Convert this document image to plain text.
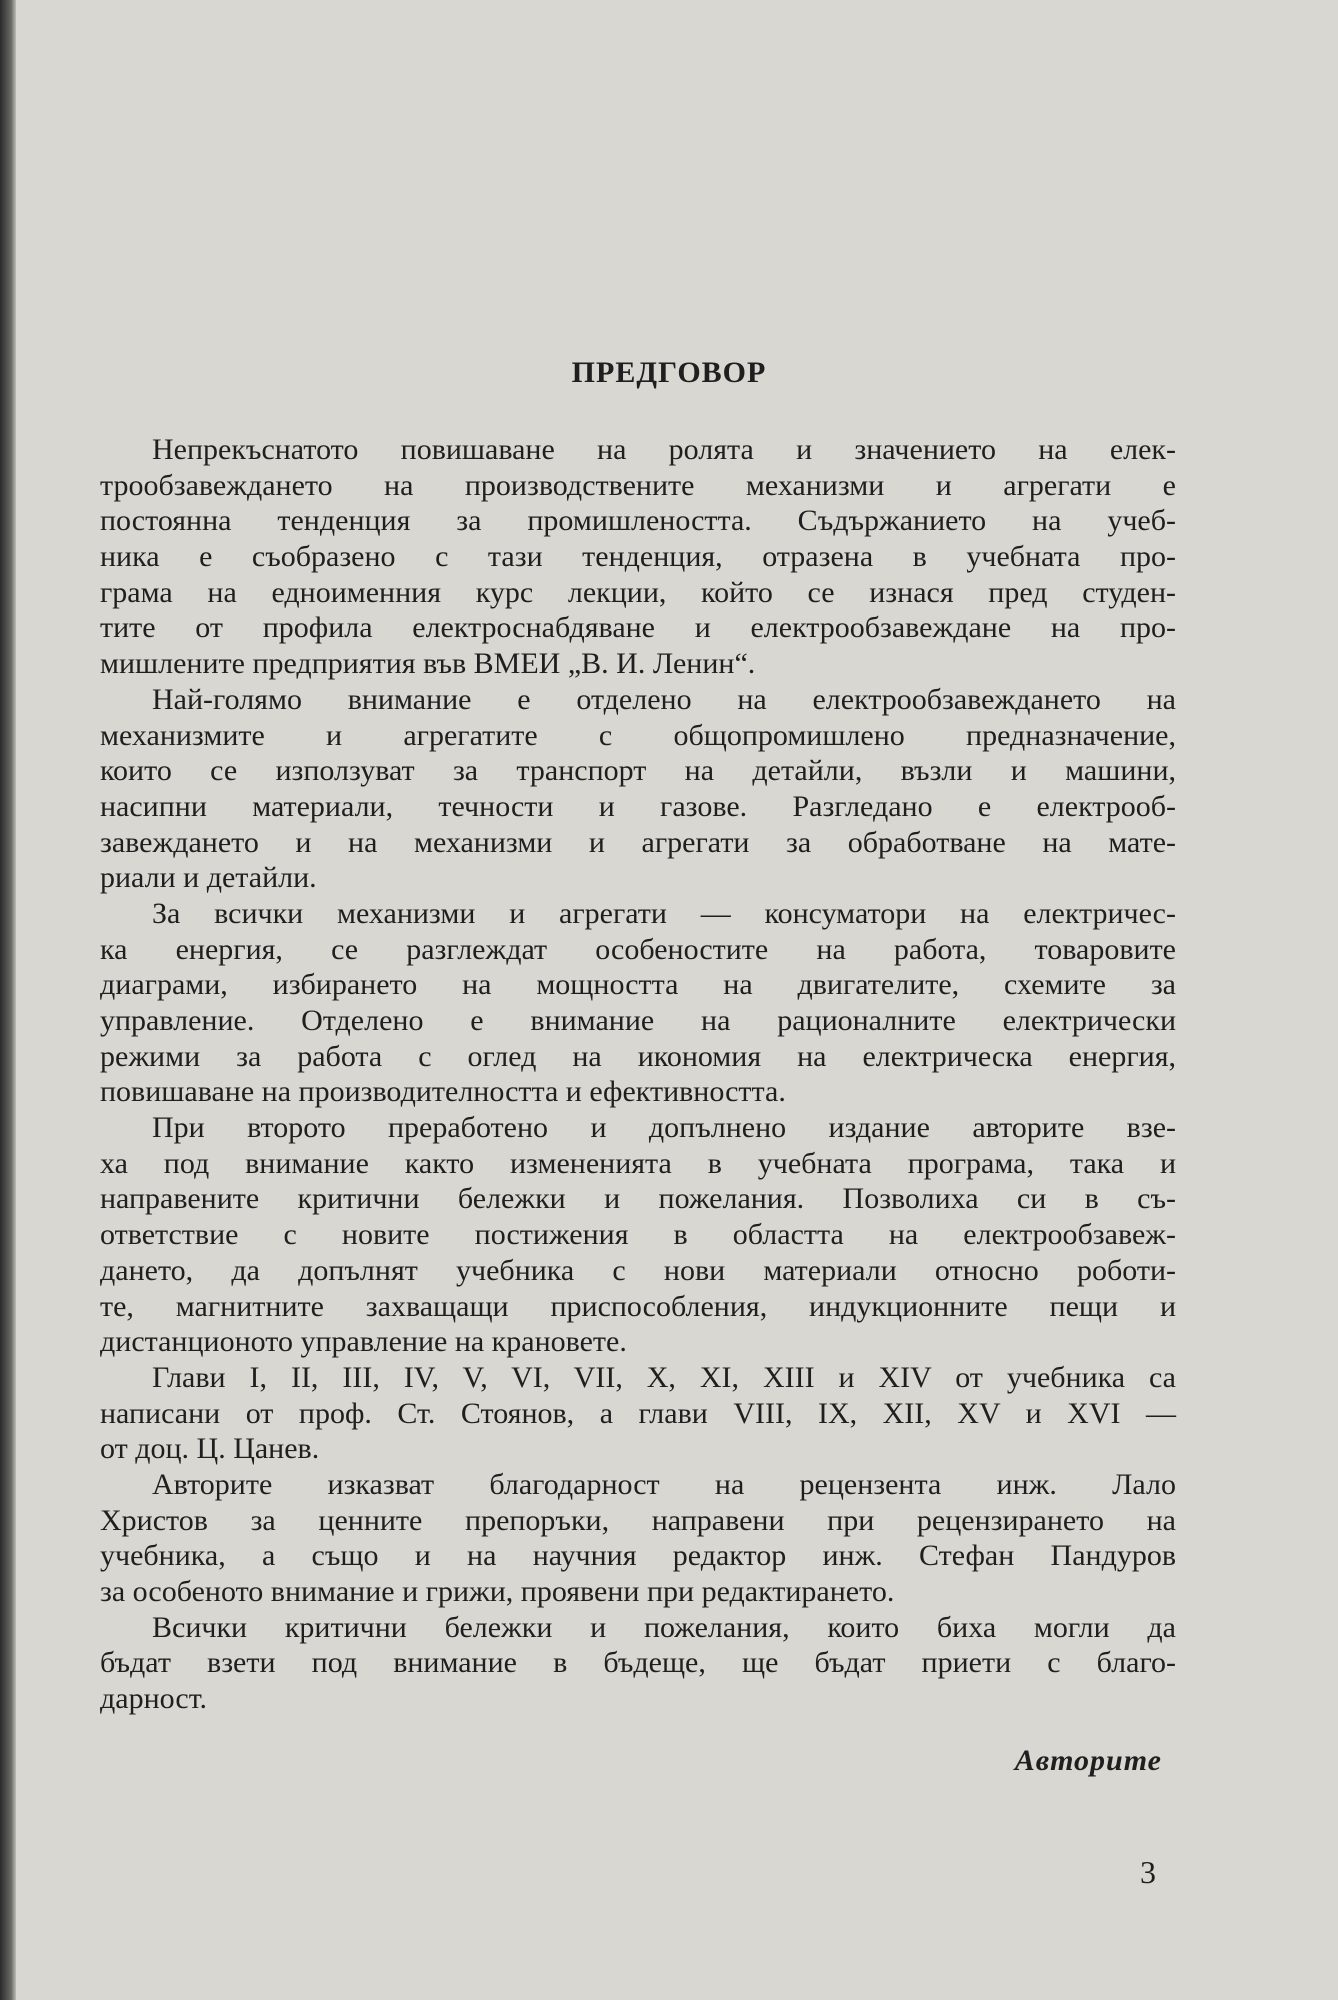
ПРЕДГОВОР
Непрекъснатото повишаване на ролята и значението на елек-
трообзавеждането на производствените механизми и агрегати е
постоянна тенденция за промишлеността. Съдържанието на учеб-
ника е съобразено с тази тенденция, отразена в учебната про-
грама на едноименния курс лекции, който се изнася пред студен-
тите от профила електроснабдяване и електрообзавеждане на про-
мишлените предприятия във ВМЕИ „В. И. Ленин“.
Най-голямо внимание е отделено на електрообзавеждането на
механизмите и агрегатите с общопромишлено предназначение,
които се използуват за транспорт на детайли, възли и машини,
насипни материали, течности и газове. Разгледано е електрооб-
завеждането и на механизми и агрегати за обработване на мате-
риали и детайли.
За всички механизми и агрегати — консуматори на електричес-
ка енергия, се разглеждат особеностите на работа, товаровите
диаграми, избирането на мощността на двигателите, схемите за
управление. Отделено е внимание на рационалните електрически
режими за работа с оглед на икономия на електрическа енергия,
повишаване на производителността и ефективността.
При второто преработено и допълнено издание авторите взе-
ха под внимание както измененията в учебната програма, така и
направените критични бележки и пожелания. Позволиха си в съ-
ответствие с новите постижения в областта на електрообзавеж-
дането, да допълнят учебника с нови материали относно роботи-
те, магнитните захващащи приспособления, индукционните пещи и
дистанционото управление на крановете.
Глави I, II, III, IV, V, VI, VII, X, XI, XIII и XIV от учебника са
написани от проф. Ст. Стоянов, а глави VIII, IX, XII, XV и XVI —
от доц. Ц. Цанев.
Авторите изказват благодарност на рецензента инж. Лало
Христов за ценните препоръки, направени при рецензирането на
учебника, а също и на научния редактор инж. Стефан Пандуров
за особеното внимание и грижи, проявени при редактирането.
Всички критични бележки и пожелания, които биха могли да
бъдат взети под внимание в бъдеще, ще бъдат приети с благо-
дарност.
Авторите
3
